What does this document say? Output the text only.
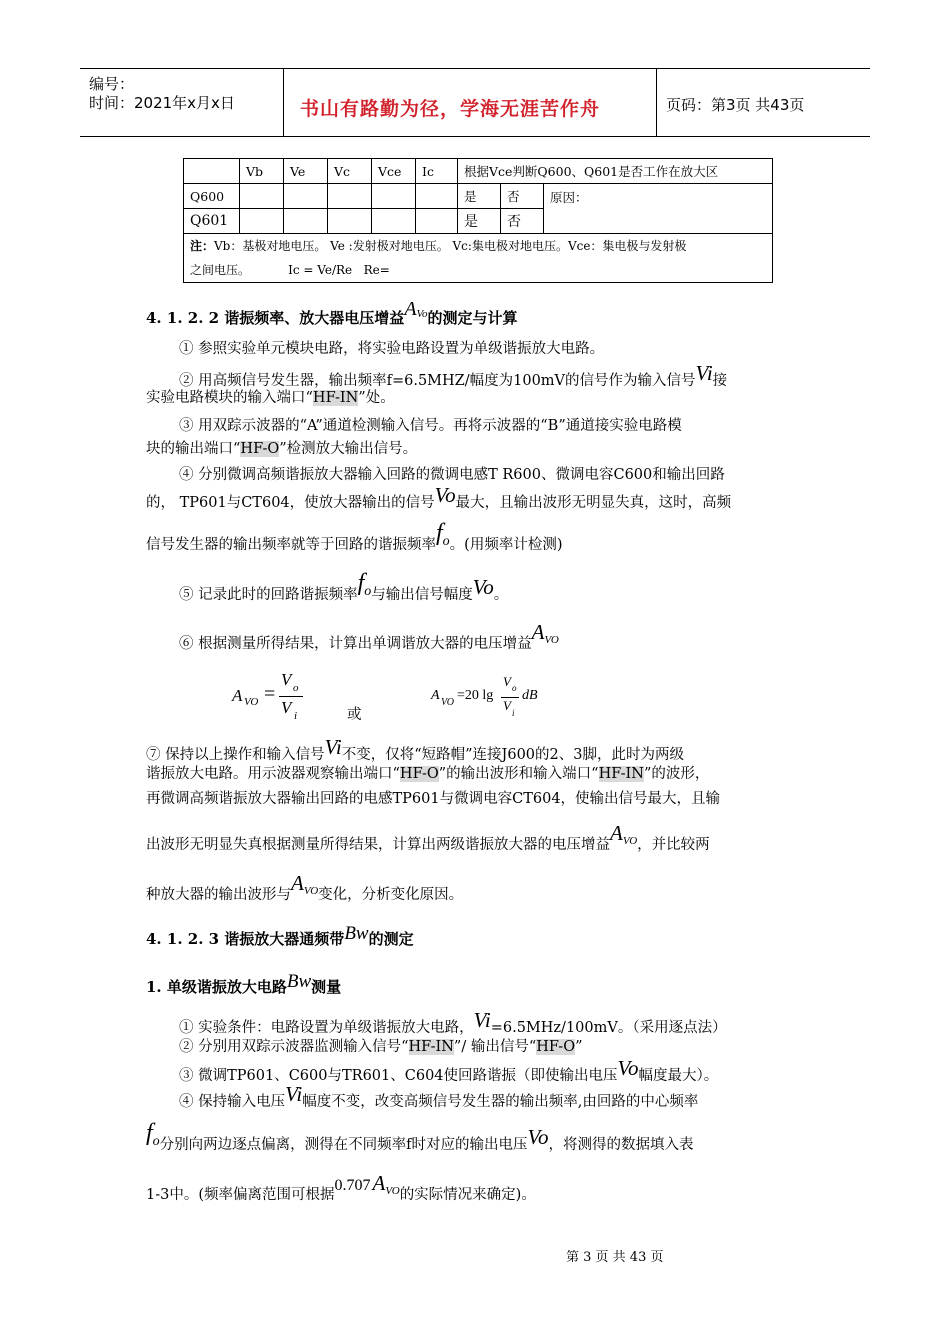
编号：
时间：2021年x月x日	书山有路勤为径，学海无涯苦作舟	页码：第3页 共43页
	Vb	Ve	Vc	Vce	Ic	根据Vce判断Q600、Q601是否工作在放大区		
Q600						是	否	原因：
Q601						是	否	
注：Vb：基极对地电压。 Ve :发射极对地电压。 Vc:集电极对地电压。Vce：集电极与发射极
之间电压。          Ic = Ve/Re   Re=								
4. 1. 2. 2 谐振频率、放大器电压增益$A^{Vo}$的测定与计算
① 参照实验单元模块电路，将实验电路设置为单级谐振放大电路。
② 用高频信号发生器，输出频率f=6.5MHZ/幅度为100mV的信号作为输入信号Vi接
实验电路模块的输入端口“HF-IN”处。
③ 用双踪示波器的“A”通道检测输入信号。再将示波器的“B”通道接实验电路模
块的输出端口“HF-O”检测放大输出信号。
④ 分别微调高频谐振放大器输入回路的微调电感T R600、微调电容C600和输出回路
的， TP601与CT604，使放大器输出的信号Vo最大，且输出波形无明显失真，这时，高频
信号发生器的输出频率就等于回路的谐振频率fo。(用频率计检测)
⑤ 记录此时的回路谐振频率fo与输出信号幅度Vo。
⑥ 根据测量所得结果，计算出单调谐放大器的电压增益$A^{VO}$
A VO =
V o
V i	或
A VO =20 lg
V o
V i
dB
⑦ 保持以上操作和输入信号Vi不变，仅将“短路帽”连接J600的2、3脚，此时为两级
谐振放大电路。用示波器观察输出端口“HF-O”的输出波形和输入端口“HF-IN”的波形，
再微调高频谐振放大器输出回路的电感TP601与微调电容CT604，使输出信号最大，且输
出波形无明显失真根据测量所得结果，计算出两级谐振放大器的电压增益$A^{VO}$，并比较两
种放大器的输出波形与$A^{VO}$变化，分析变化原因。
4. 1. 2. 3 谐振放大器通频带Bw的测定
1. 单级谐振放大电路Bw测量
① 实验条件：电路设置为单级谐振放大电路，Vi=6.5MHz/100mV。（采用逐点法）
② 分别用双踪示波器监测输入信号“HF-IN”/ 输出信号“HF-O”
③ 微调TP601、C600与TR601、C604使回路谐振（即使输出电压Vo幅度最大）。
④ 保持输入电压Vi幅度不变，改变高频信号发生器的输出频率,由回路的中心频率
fo分别向两边逐点偏离，测得在不同频率f时对应的输出电压Vo，将测得的数据填入表
1-3中。(频率偏离范围可根据$0.707A^{VO}$的实际情况来确定)。
第 3 页 共 43 页
